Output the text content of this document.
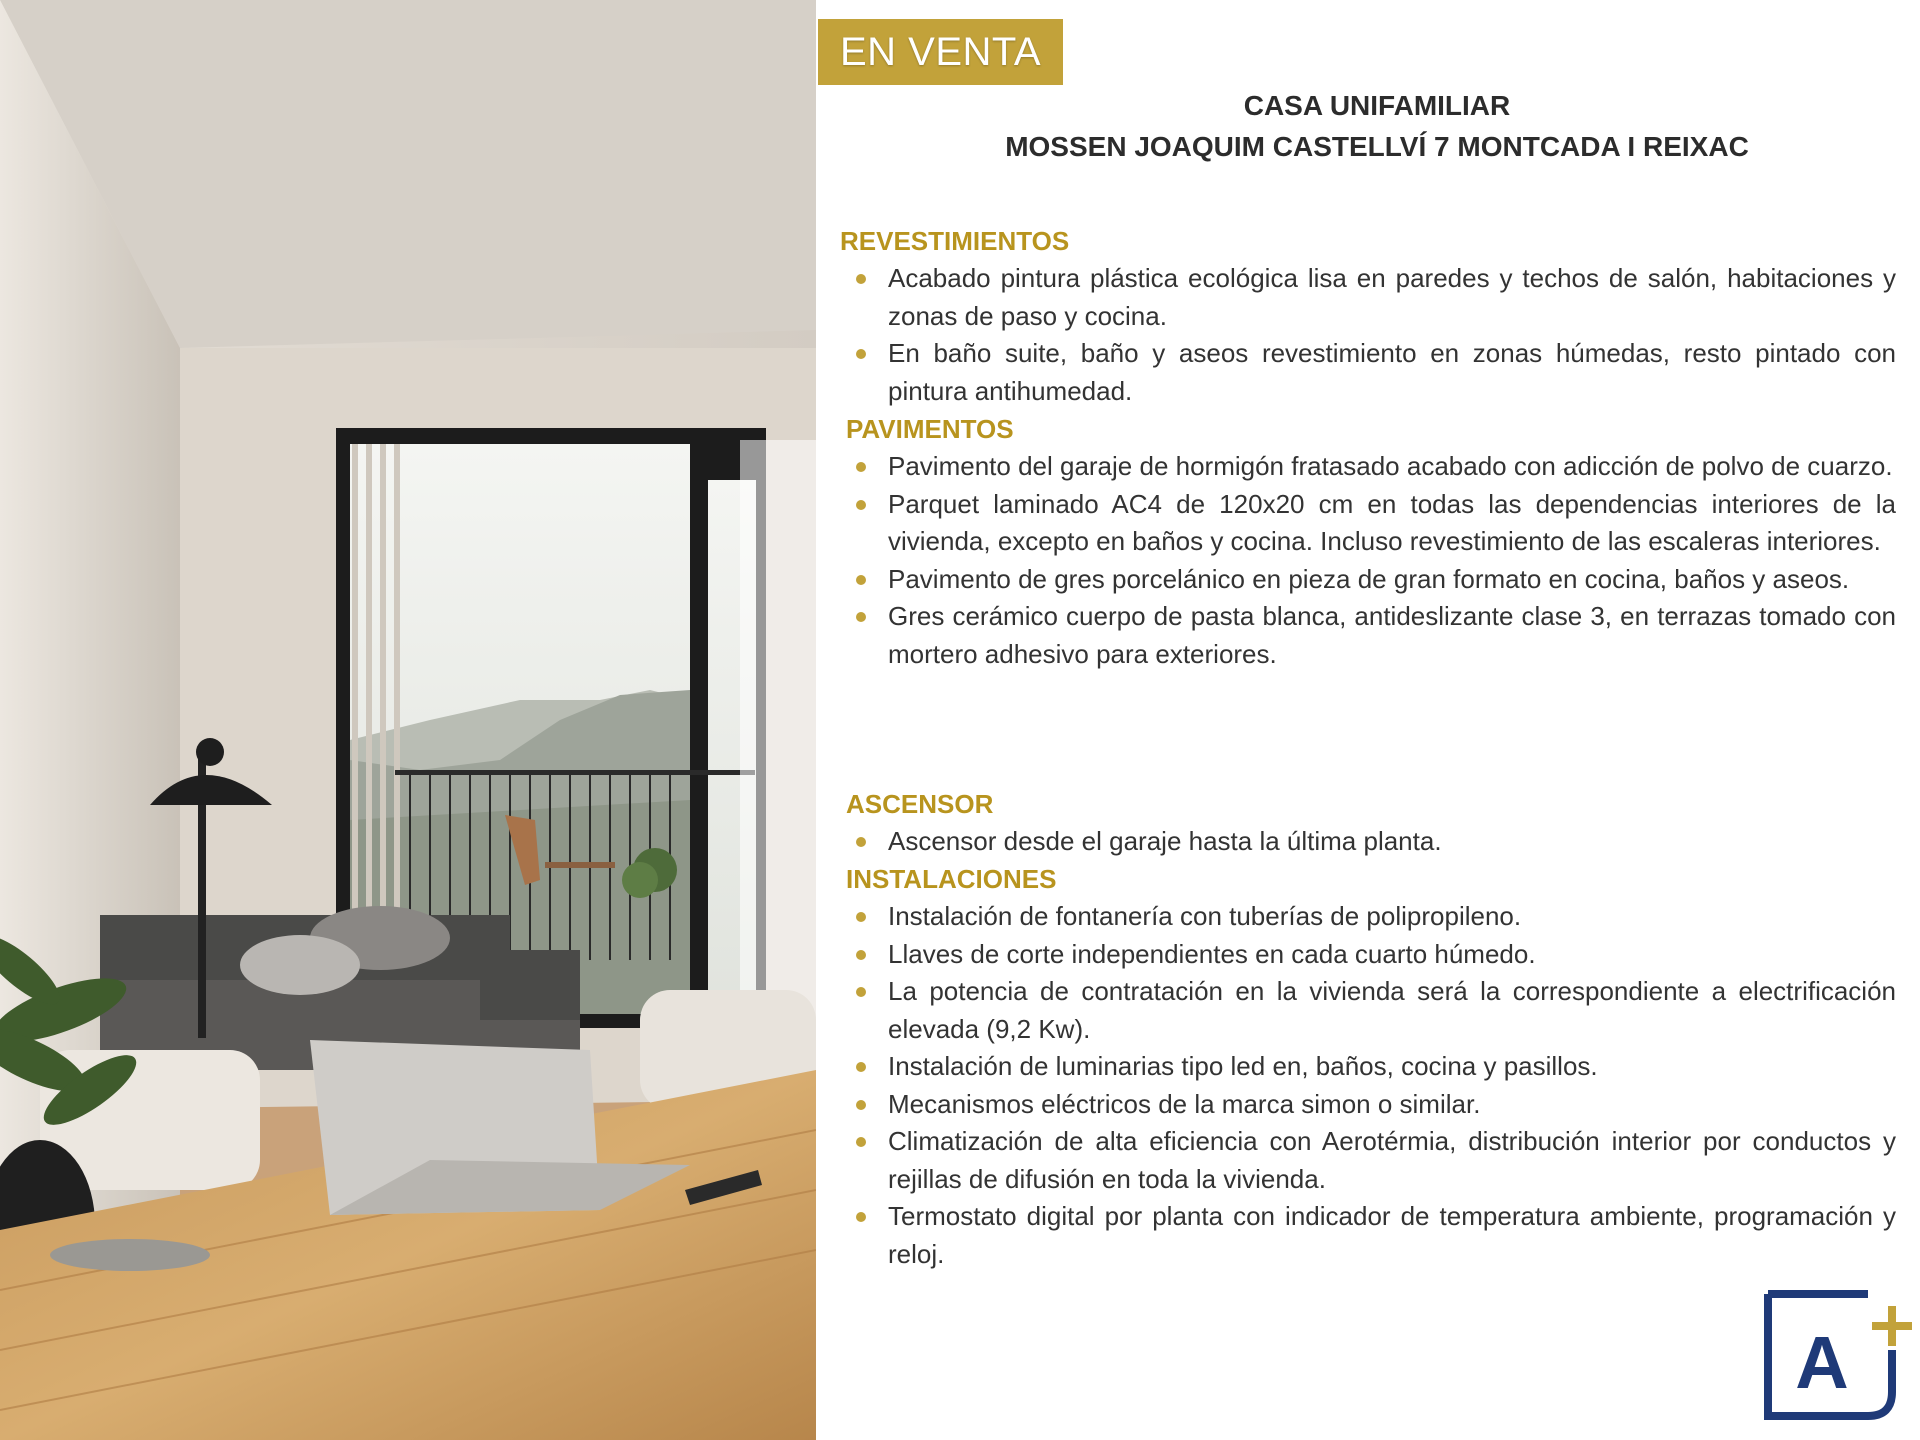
EN VENTA
CASA UNIFAMILIAR
MOSSEN JOAQUIM CASTELLVÍ 7 MONTCADA I REIXAC
REVESTIMIENTOS
Acabado pintura plástica ecológica lisa en paredes y techos de salón, habitaciones y zonas de paso y cocina.
En baño suite, baño y aseos revestimiento en zonas húmedas, resto pintado con pintura antihumedad.
PAVIMENTOS
Pavimento del garaje de hormigón fratasado acabado con adicción de polvo de cuarzo.
Parquet laminado AC4 de 120x20 cm en todas las dependencias interiores de la vivienda, excepto en baños y cocina. Incluso revestimiento de las escaleras interiores.
Pavimento de gres porcelánico en pieza de gran formato en cocina, baños y aseos.
Gres cerámico cuerpo de pasta blanca, antideslizante clase 3, en terrazas tomado con mortero adhesivo para exteriores.
ASCENSOR
Ascensor desde el garaje hasta la última planta.
INSTALACIONES
Instalación de fontanería con tuberías de polipropileno.
Llaves de corte independientes en cada cuarto húmedo.
La potencia de contratación en la vivienda será la correspondiente a electrificación elevada (9,2 Kw).
Instalación de luminarias tipo led en, baños, cocina y pasillos.
Mecanismos eléctricos de la marca simon o similar.
Climatización de alta eficiencia con Aerotérmia, distribución interior por conductos y rejillas de difusión en toda la vivienda.
Termostato digital por planta con indicador de temperatura ambiente, programación y reloj.
A
